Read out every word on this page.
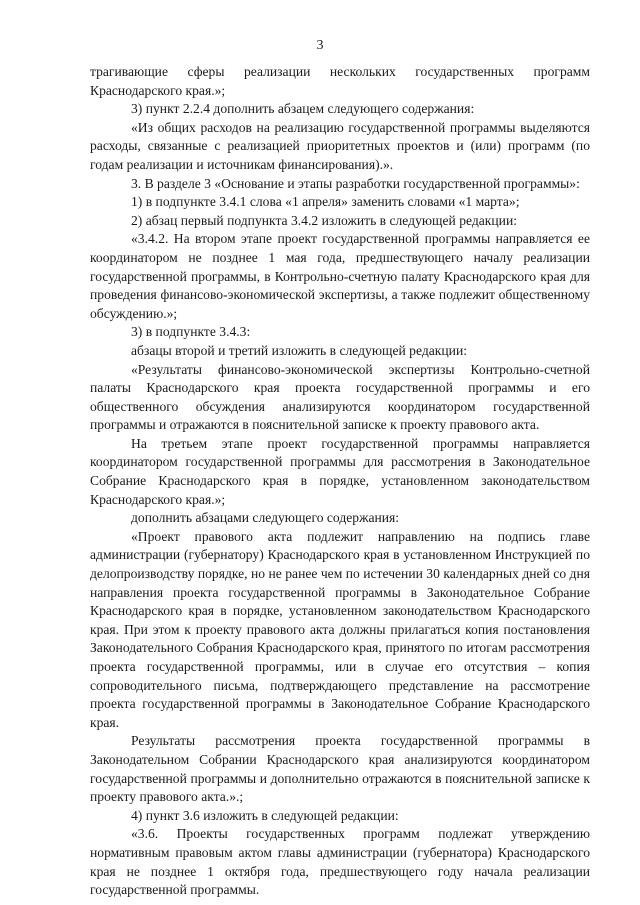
3

трагивающие сферы реализации нескольких государственных программ Краснодарского края.»;

3) пункт 2.2.4 дополнить абзацем следующего содержания:

«Из общих расходов на реализацию государственной программы выделяются расходы, связанные с реализацией приоритетных проектов и (или) программ (по годам реализации и источникам финансирования).».

3. В разделе 3 «Основание и этапы разработки государственной программы»:

1) в подпункте 3.4.1 слова «1 апреля» заменить словами «1 марта»;

2) абзац первый подпункта 3.4.2 изложить в следующей редакции:

«3.4.2. На втором этапе проект государственной программы направляется ее координатором не позднее 1 мая года, предшествующего началу реализации государственной программы, в Контрольно-счетную палату Краснодарского края для проведения финансово-экономической экспертизы, а также подлежит общественному обсуждению.»;

3) в подпункте 3.4.3:

абзацы второй и третий изложить в следующей редакции:

«Результаты финансово-экономической экспертизы Контрольно-счетной палаты Краснодарского края проекта государственной программы и его общественного обсуждения анализируются координатором государственной программы и отражаются в пояснительной записке к проекту правового акта.

На третьем этапе проект государственной программы направляется координатором государственной программы для рассмотрения в Законодательное Собрание Краснодарского края в порядке, установленном законодательством Краснодарского края.»;

дополнить абзацами следующего содержания:

«Проект правового акта подлежит направлению на подпись главе администрации (губернатору) Краснодарского края в установленном Инструкцией по делопроизводству порядке, но не ранее чем по истечении 30 календарных дней со дня направления проекта государственной программы в Законодательное Собрание Краснодарского края в порядке, установленном законодательством Краснодарского края. При этом к проекту правового акта должны прилагаться копия постановления Законодательного Собрания Краснодарского края, принятого по итогам рассмотрения проекта государственной программы, или в случае его отсутствия – копия сопроводительного письма, подтверждающего представление на рассмотрение проекта государственной программы в Законодательное Собрание Краснодарского края.

Результаты рассмотрения проекта государственной программы в Законодательном Собрании Краснодарского края анализируются координатором государственной программы и дополнительно отражаются в пояснительной записке к проекту правового акта.».;

4) пункт 3.6 изложить в следующей редакции:

«3.6. Проекты государственных программ подлежат утверждению нормативным правовым актом главы администрации (губернатора) Краснодарского края не позднее 1 октября года, предшествующего году начала реализации государственной программы.
